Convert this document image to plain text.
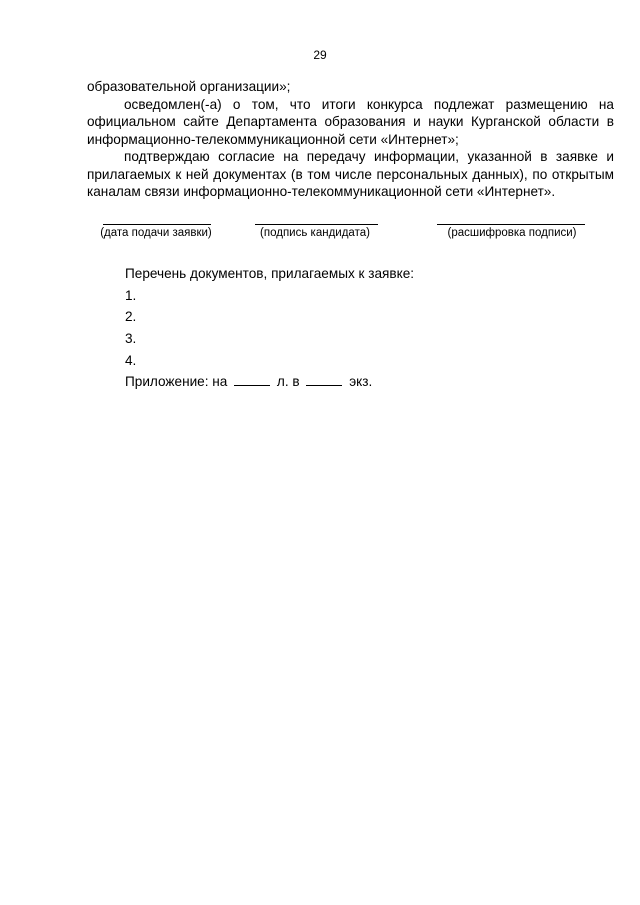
29

образовательной организации»;

осведомлен(-а) о том, что итоги конкурса подлежат размещению на официальном сайте Департамента образования и науки Курганской области в информационно-телекоммуникационной сети «Интернет»;

подтверждаю согласие на передачу информации, указанной в заявке и прилагаемых к ней документах (в том числе персональных данных), по открытым каналам связи информационно-телекоммуникационной сети «Интернет».

(дата подачи заявки)	(подпись кандидата)	(расшифровка подписи)
Перечень документов, прилагаемых к заявке:
1.
2.
3.
4.
Приложение: на	л. в	экз.
